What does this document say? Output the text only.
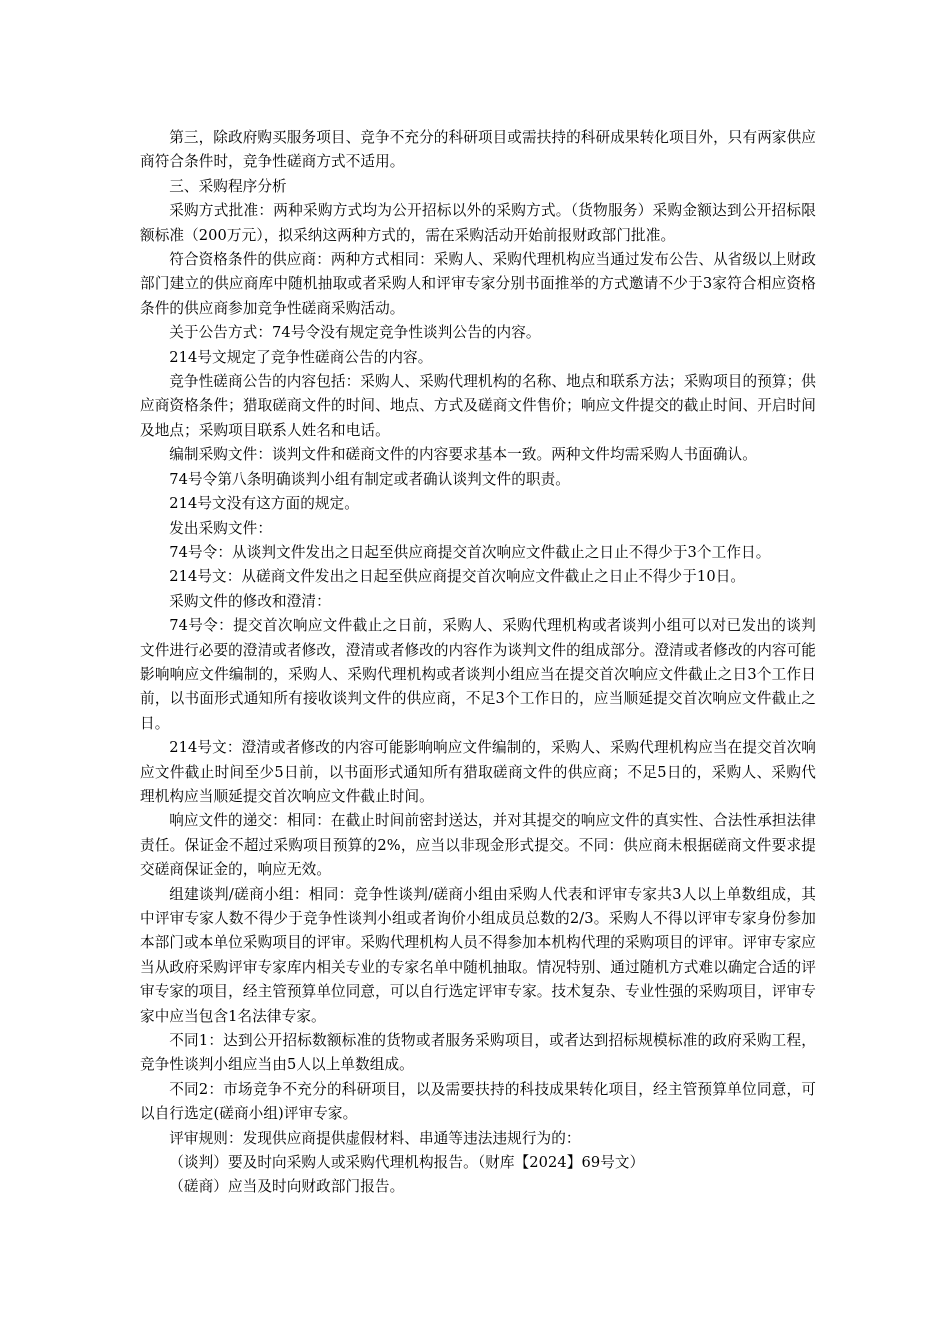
第三，除政府购买服务项目、竞争不充分的科研项目或需扶持的科研成果转化项目外，只有两家供应商符合条件时，竞争性磋商方式不适用。

三、采购程序分析

采购方式批准：两种采购方式均为公开招标以外的采购方式。（货物服务）采购金额达到公开招标限额标准（200万元），拟采纳这两种方式的，需在采购活动开始前报财政部门批准。

符合资格条件的供应商：两种方式相同：采购人、采购代理机构应当通过发布公告、从省级以上财政部门建立的供应商库中随机抽取或者采购人和评审专家分别书面推举的方式邀请不少于3家符合相应资格条件的供应商参加竞争性磋商采购活动。

关于公告方式：74号令没有规定竞争性谈判公告的内容。

214号文规定了竞争性磋商公告的内容。

竞争性磋商公告的内容包括：采购人、采购代理机构的名称、地点和联系方法；采购项目的预算；供应商资格条件；猎取磋商文件的时间、地点、方式及磋商文件售价；响应文件提交的截止时间、开启时间及地点；采购项目联系人姓名和电话。

编制采购文件：谈判文件和磋商文件的内容要求基本一致。两种文件均需采购人书面确认。

74号令第八条明确谈判小组有制定或者确认谈判文件的职责。

214号文没有这方面的规定。

发出采购文件：

74号令：从谈判文件发出之日起至供应商提交首次响应文件截止之日止不得少于3个工作日。

214号文：从磋商文件发出之日起至供应商提交首次响应文件截止之日止不得少于10日。

采购文件的修改和澄清：

74号令：提交首次响应文件截止之日前，采购人、采购代理机构或者谈判小组可以对已发出的谈判文件进行必要的澄清或者修改，澄清或者修改的内容作为谈判文件的组成部分。澄清或者修改的内容可能影响响应文件编制的，采购人、采购代理机构或者谈判小组应当在提交首次响应文件截止之日3个工作日前，以书面形式通知所有接收谈判文件的供应商，不足3个工作日的，应当顺延提交首次响应文件截止之日。

214号文：澄清或者修改的内容可能影响响应文件编制的，采购人、采购代理机构应当在提交首次响应文件截止时间至少5日前，以书面形式通知所有猎取磋商文件的供应商；不足5日的，采购人、采购代理机构应当顺延提交首次响应文件截止时间。

响应文件的递交：相同：在截止时间前密封送达，并对其提交的响应文件的真实性、合法性承担法律责任。保证金不超过采购项目预算的2%，应当以非现金形式提交。不同：供应商未根据磋商文件要求提交磋商保证金的，响应无效。

组建谈判/磋商小组：相同：竞争性谈判/磋商小组由采购人代表和评审专家共3人以上单数组成，其中评审专家人数不得少于竞争性谈判小组或者询价小组成员总数的2/3。采购人不得以评审专家身份参加本部门或本单位采购项目的评审。采购代理机构人员不得参加本机构代理的采购项目的评审。评审专家应当从政府采购评审专家库内相关专业的专家名单中随机抽取。情况特别、通过随机方式难以确定合适的评审专家的项目，经主管预算单位同意，可以自行选定评审专家。技术复杂、专业性强的采购项目，评审专家中应当包含1名法律专家。

不同1：达到公开招标数额标准的货物或者服务采购项目，或者达到招标规模标准的政府采购工程，竞争性谈判小组应当由5人以上单数组成。

不同2：市场竞争不充分的科研项目，以及需要扶持的科技成果转化项目，经主管预算单位同意，可以自行选定(磋商小组)评审专家。

评审规则：发现供应商提供虚假材料、串通等违法违规行为的：

（谈判）要及时向采购人或采购代理机构报告。（财库【2024】69号文）

（磋商）应当及时向财政部门报告。
